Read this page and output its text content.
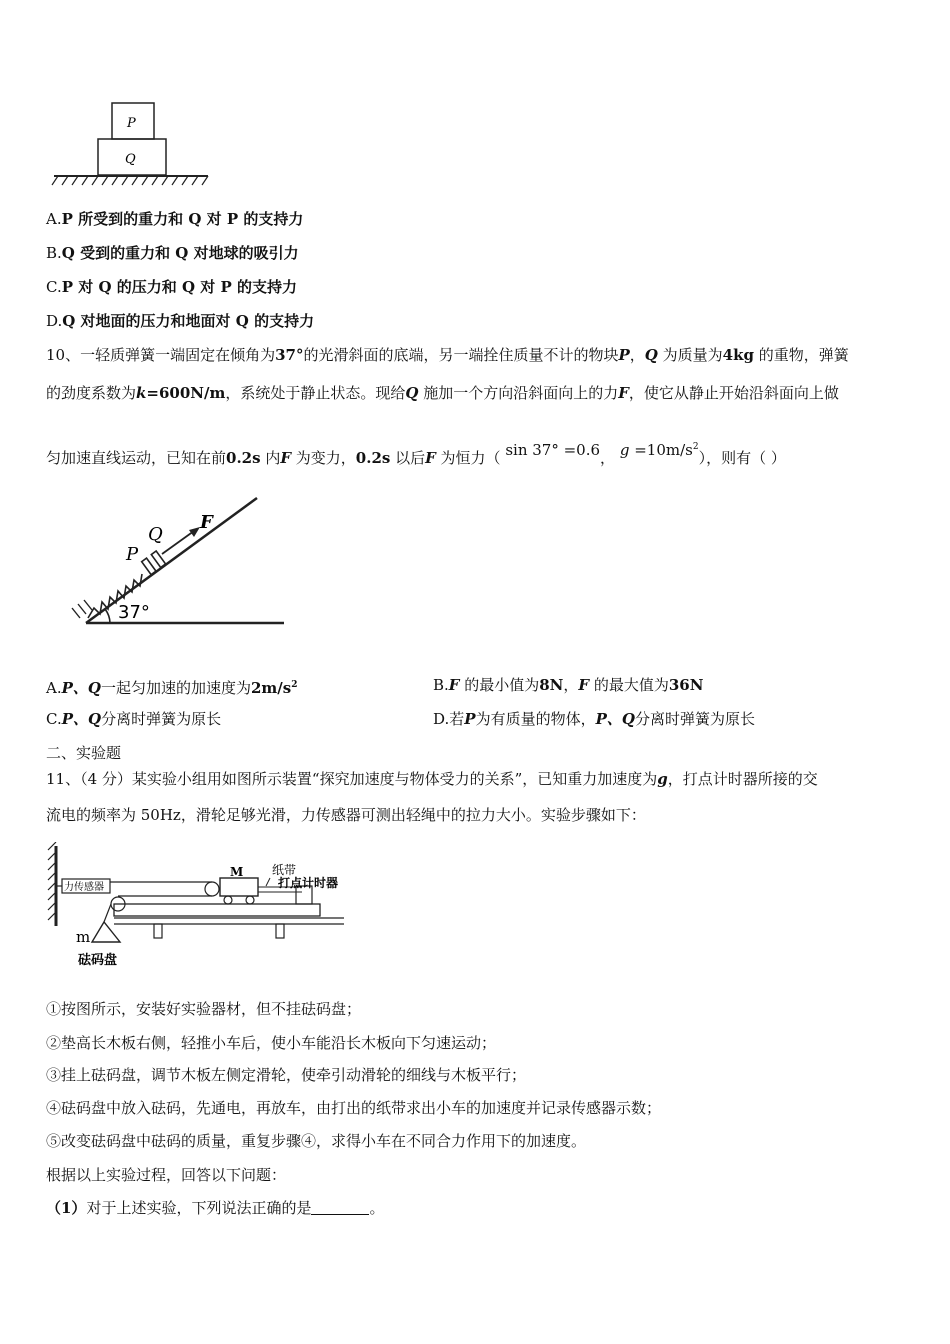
P
Q
A.P 所受到的重力和 Q 对 P 的支持力
B.Q 受到的重力和 Q 对地球的吸引力
C.P 对 Q 的压力和 Q 对 P 的支持力
D.Q 对地面的压力和地面对 Q 的支持力
10、一轻质弹簧一端固定在倾角为37°的光滑斜面的底端，另一端拴住质量不计的物块P，Q 为质量为4kg 的重物，弹簧
的劲度系数为k=600N/m，系统处于静止状态。现给Q 施加一个方向沿斜面向上的力F，使它从静止开始沿斜面向上做
匀加速直线运动，已知在前0.2s 内F 为变力，0.2s 以后F 为恒力（ sin 37° =0.6， $g =10m/s^2$），则有（ ）
37°
P
Q
F
A.P、Q一起匀加速的加速度为$2m/s^2$	B.F 的最小值为8N，F 的最大值为36N
C.P、Q分离时弹簧为原长	D.若P为有质量的物体，P、Q分离时弹簧为原长
二、实验题
11、（4 分）某实验小组用如图所示装置“探究加速度与物体受力的关系”，已知重力加速度为g，打点计时器所接的交
流电的频率为 50Hz，滑轮足够光滑，力传感器可测出轻绳中的拉力大小。实验步骤如下：
力传感器
M 纸带
打点计时器
m
砝码盘
①按图所示，安装好实验器材，但不挂砝码盘；
②垫高长木板右侧，轻推小车后，使小车能沿长木板向下匀速运动；
③挂上砝码盘，调节木板左侧定滑轮，使牵引动滑轮的细线与木板平行；
④砝码盘中放入砝码，先通电，再放车，由打出的纸带求出小车的加速度并记录传感器示数；
⑤改变砝码盘中砝码的质量，重复步骤④，求得小车在不同合力作用下的加速度。
根据以上实验过程，回答以下问题：
（1）对于上述实验，下列说法正确的是	。
